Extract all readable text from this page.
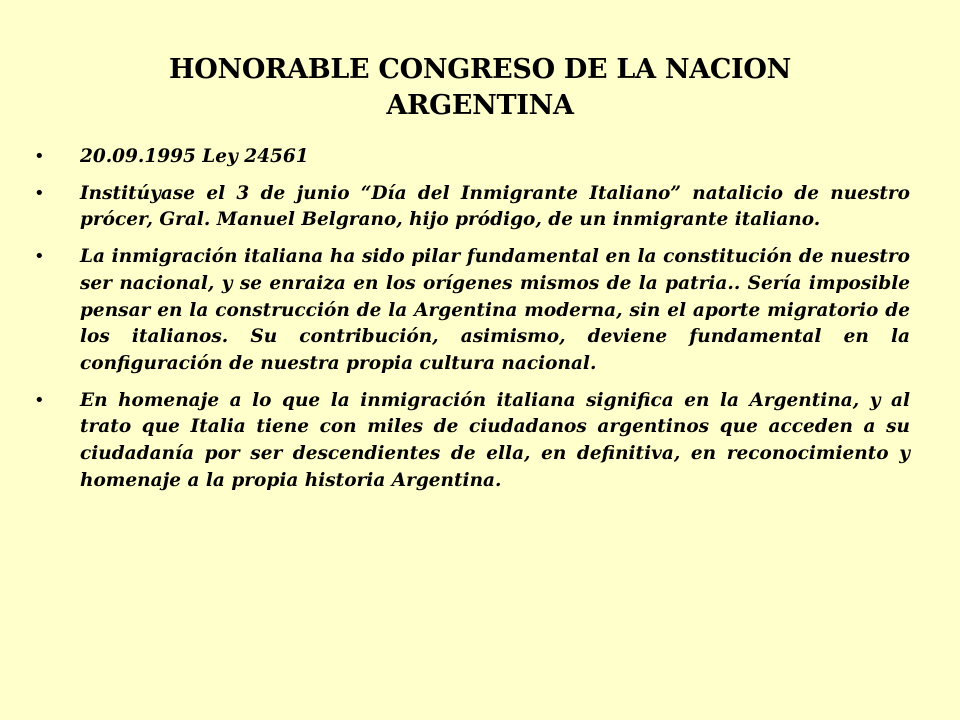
HONORABLE CONGRESO DE LA NACION
ARGENTINA
• 20.09.1995 Ley 24561
• Institúyase el 3 de junio “Día del Inmigrante Italiano” natalicio de nuestro prócer, Gral. Manuel Belgrano, hijo pródigo, de un inmigrante italiano.
• La inmigración italiana ha sido pilar fundamental en la constitución de nuestro ser nacional, y se enraiza en los orígenes mismos de la patria.. Sería imposible pensar en la construcción de la Argentina moderna, sin el aporte migratorio de los italianos. Su contribución, asimismo, deviene fundamental en la configuración de nuestra propia cultura nacional.
• En homenaje a lo que la inmigración italiana significa en la Argentina, y al trato que Italia tiene con miles de ciudadanos argentinos que acceden a su ciudadanía por ser descendientes de ella, en definitiva, en reconocimiento y homenaje a la propia historia Argentina.
